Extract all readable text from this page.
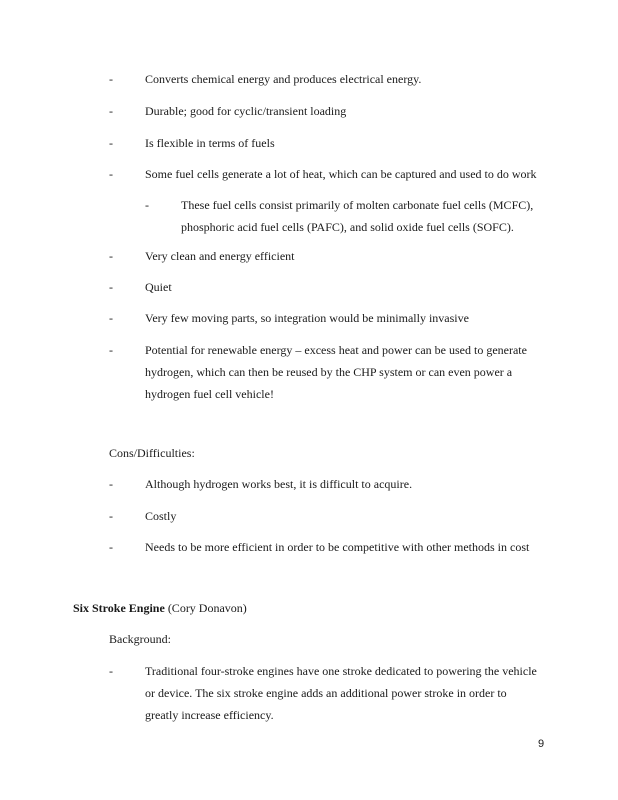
-	Converts chemical energy and produces electrical energy.
-	Durable; good for cyclic/transient loading
-	Is flexible in terms of fuels
-	Some fuel cells generate a lot of heat, which can be captured and used to do work
-	These fuel cells consist primarily of molten carbonate fuel cells (MCFC),
phosphoric acid fuel cells (PAFC), and solid oxide fuel cells (SOFC).
-	Very clean and energy efficient
-	Quiet
-	Very few moving parts, so integration would be minimally invasive
-	Potential for renewable energy – excess heat and power can be used to generate
hydrogen, which can then be reused by the CHP system or can even power a
hydrogen fuel cell vehicle!
Cons/Difficulties:
-	Although hydrogen works best, it is difficult to acquire.
-	Costly
-	Needs to be more efficient in order to be competitive with other methods in cost
Six Stroke Engine (Cory Donavon)
Background:
-	Traditional four-stroke engines have one stroke dedicated to powering the vehicle
or device. The six stroke engine adds an additional power stroke in order to
greatly increase efficiency.
9
